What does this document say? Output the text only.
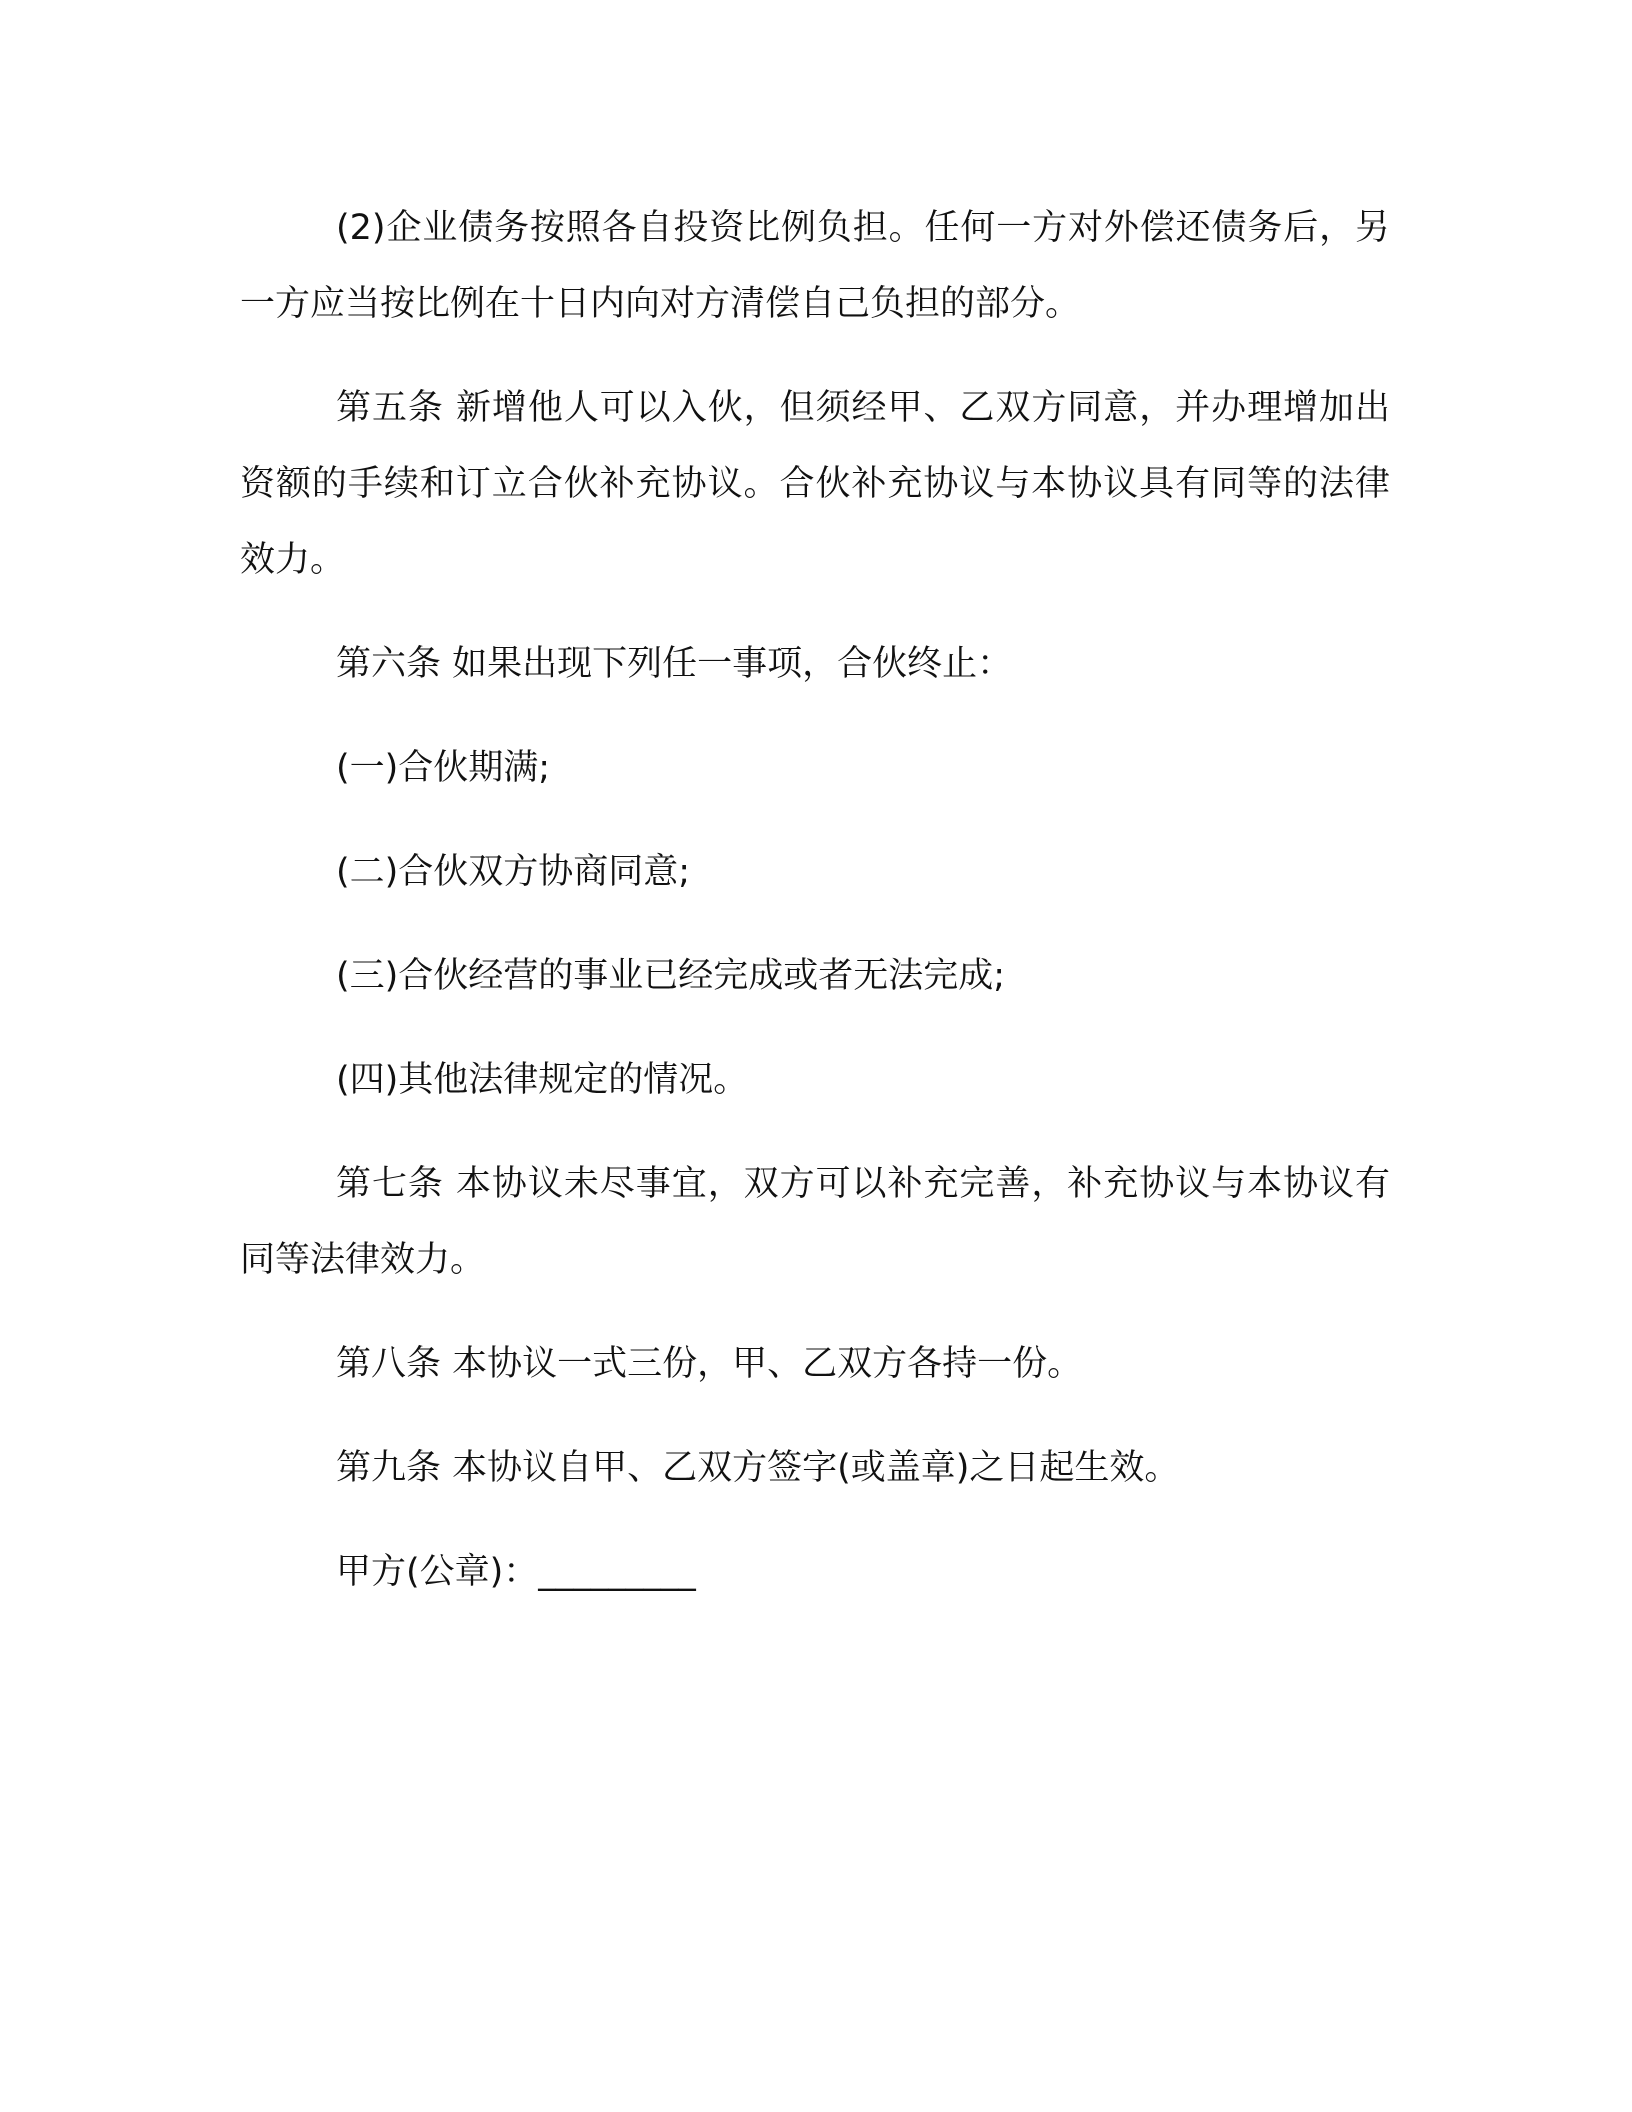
(2)企业债务按照各自投资比例负担。任何一方对外偿还债务后，另一方应当按比例在十日内向对方清偿自己负担的部分。

第五条 新增他人可以入伙，但须经甲、乙双方同意，并办理增加出资额的手续和订立合伙补充协议。合伙补充协议与本协议具有同等的法律效力。

第六条 如果出现下列任一事项，合伙终止：

(一)合伙期满;

(二)合伙双方协商同意;

(三)合伙经营的事业已经完成或者无法完成;

(四)其他法律规定的情况。

第七条 本协议未尽事宜，双方可以补充完善，补充协议与本协议有同等法律效力。

第八条 本协议一式三份，甲、乙双方各持一份。

第九条 本协议自甲、乙双方签字(或盖章)之日起生效。

甲方(公章)：_________
